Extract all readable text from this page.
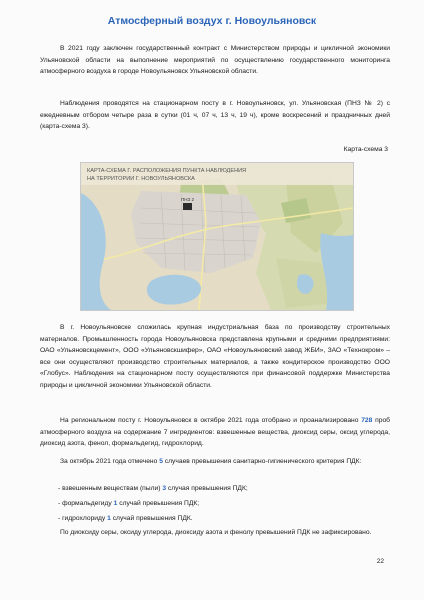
Атмосферный воздух г. Новоульяновск

В 2021 году заключен государственный контракт с Министерством природы и цикличной экономики Ульяновской области на выполнение мероприятий по осуществлению государственного мониторинга атмосферного воздуха в городе Новоульяновск Ульяновской области.

Наблюдения проводятся на стационарном посту в г. Новоульяновск, ул. Ульяновская (ПНЗ № 2) с ежедневным отбором четыре раза в сутки (01 ч, 07 ч, 13 ч, 19 ч), кроме воскресений и праздничных дней (карта-схема 3).

Карта-схема 3
КАРТА-СХЕМА Г. РАСПОЛОЖЕНИЯ ПУНКТА НАБЛЮДЕНИЯ
НА ТЕРРИТОРИИ Г. НОВОУЛЬЯНОВСКА
ПНЗ 2

В г. Новоульяновске сложилась крупная индустриальная база по производству строительных материалов. Промышленность города Новоульяновска представлена крупными и средними предприятиями: ОАО «Ульяновскцемент», ООО «Ульяновскшифер», ОАО «Новоульяновский завод ЖБИ», ЗАО «Технокром» – все они осуществляют производство строительных материалов, а также кондитерское производство ООО «Глобус». Наблюдения на стационарном посту осуществляются при финансовой поддержке Министерства природы и цикличной экономики Ульяновской области.

На региональном посту г. Новоульяновск в октябре 2021 года отобрано и проанализировано 728 проб атмосферного воздуха на содержание 7 ингредиентов: взвешенные вещества, диоксид серы, оксид углерода, диоксид азота, фенол, формальдегид, гидрохлорид.

За октябрь 2021 года отмечено 5 случаев превышения санитарно-гигиенического критерия ПДК:

- взвешенным веществам (пыли) 3 случая превышения ПДК;
- формальдегиду 1 случай превышения ПДК;
- гидрохлориду 1 случай превышения ПДК.

По диоксиду серы, оксиду углерода, диоксиду азота и фенолу превышений ПДК не зафиксировано.

22
